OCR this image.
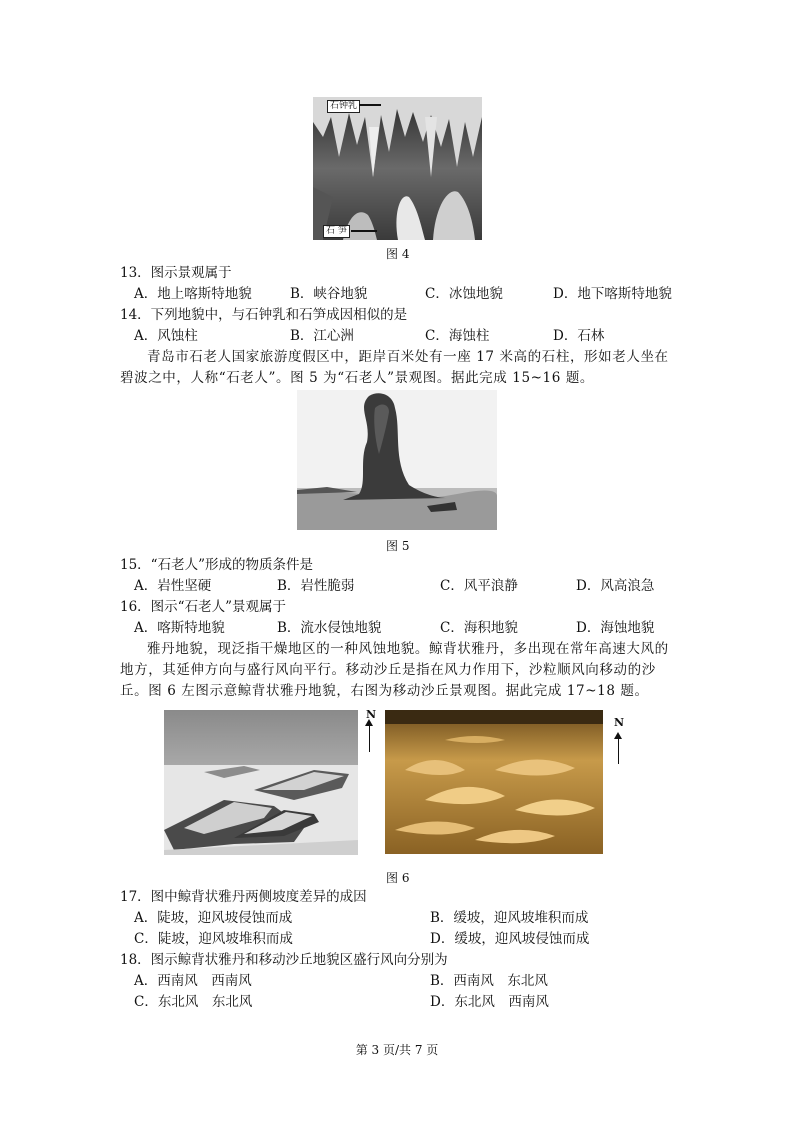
石钟乳
石 笋
图 4
13．图示景观属于
A．地上喀斯特地貌	B．峡谷地貌	C．冰蚀地貌	D．地下喀斯特地貌
14．下列地貌中，与石钟乳和石笋成因相似的是
A．风蚀柱	B．江心洲	C．海蚀柱	D．石林
青岛市石老人国家旅游度假区中，距岸百米处有一座 17 米高的石柱，形如老人坐在碧波之中，人称“石老人”。图 5 为“石老人”景观图。据此完成 15~16 题。
图 5
15．“石老人”形成的物质条件是
A．岩性坚硬	B．岩性脆弱	C．风平浪静	D．风高浪急
16．图示“石老人”景观属于
A．喀斯特地貌	B．流水侵蚀地貌	C．海积地貌	D．海蚀地貌
雅丹地貌，现泛指干燥地区的一种风蚀地貌。鲸背状雅丹，多出现在常年高速大风的地方，其延伸方向与盛行风向平行。移动沙丘是指在风力作用下，沙粒顺风向移动的沙丘。图 6 左图示意鲸背状雅丹地貌，右图为移动沙丘景观图。据此完成 17~18 题。
N
N
图 6
17．图中鲸背状雅丹两侧坡度差异的成因
A．陡坡，迎风坡侵蚀而成	B．缓坡，迎风坡堆积而成
C．陡坡，迎风坡堆积而成	D．缓坡，迎风坡侵蚀而成
18．图示鲸背状雅丹和移动沙丘地貌区盛行风向分别为
A．西南风　西南风	B．西南风　东北风
C．东北风　东北风	D．东北风　西南风
第 3 页/共 7 页
